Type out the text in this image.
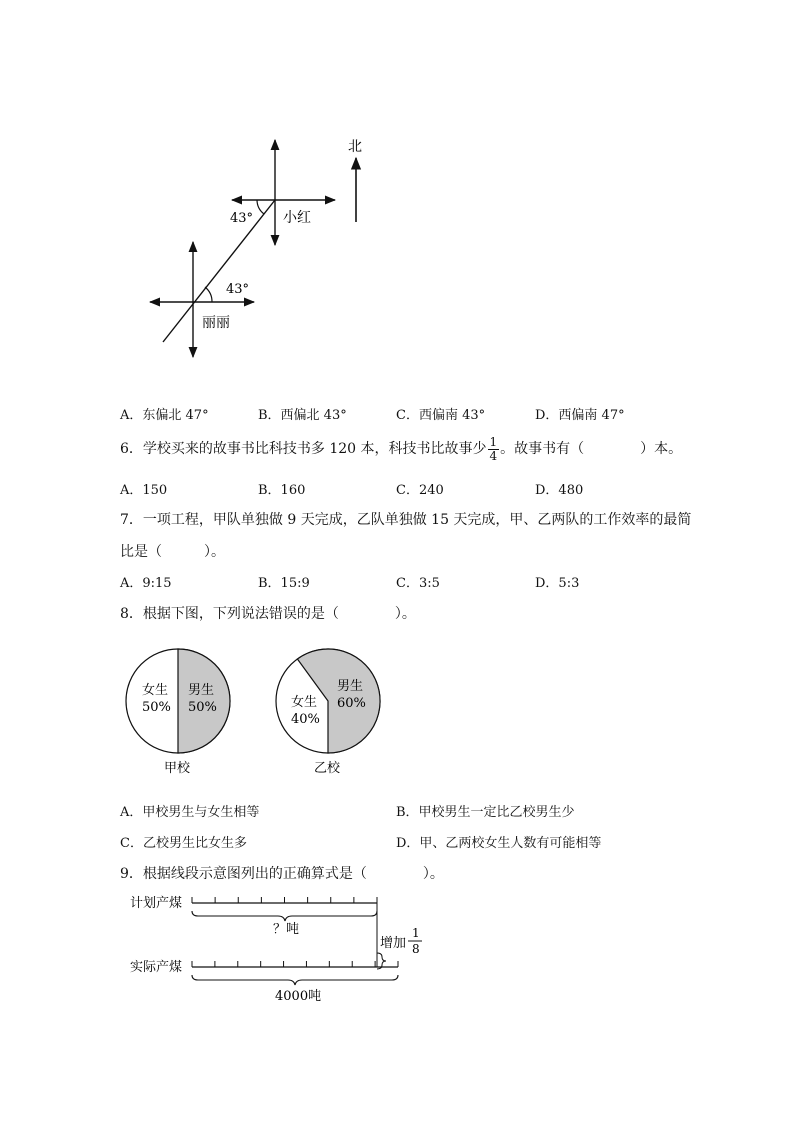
北
43° 小红
43°
丽丽
A．东偏北 47°	B．西偏北 43°	C．西偏南 43°	D．西偏南 47°
6．学校买来的故事书比科技书多 120 本，科技书比故事少 $\frac{1}{4}$ 。故事书有（　　　　）本。
A．150	B．160	C．240	D．480
7．一项工程，甲队单独做 9 天完成，乙队单独做 15 天完成，甲、乙两队的工作效率的最简
比是（　　　）。
A．9:15	B．15:9	C．3:5	D．5:3
8．根据下图，下列说法错误的是（　　　　）。
女生
50%
男生
50%
甲校
女生
40%
男生
60%
乙校
A．甲校男生与女生相等	B．甲校男生一定比乙校男生少
C．乙校男生比女生多	D．甲、乙两校女生人数有可能相等
9．根据线段示意图列出的正确算式是（　　　　）。
计划产煤
？吨
增加
1
8
实际产煤
4000吨
